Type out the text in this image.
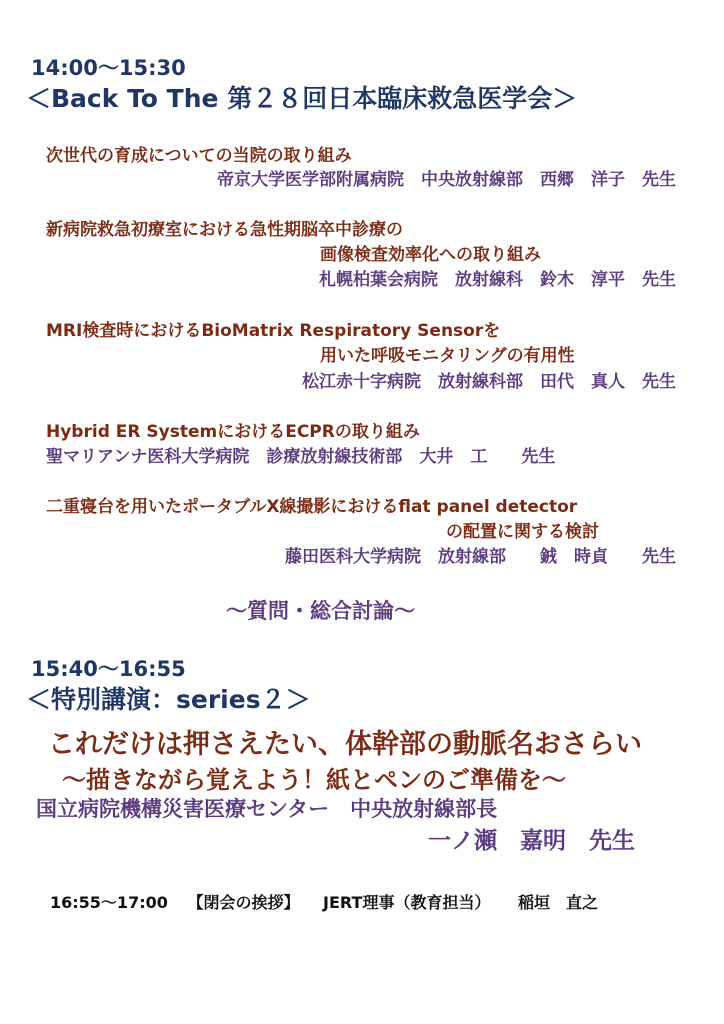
14:00～15:30
＜Back To The 第２８回日本臨床救急医学会＞
次世代の育成についての当院の取り組み
帝京大学医学部附属病院　中央放射線部　西郷　洋子　先生
新病院救急初療室における急性期脳卒中診療の
画像検査効率化への取り組み
札幌柏葉会病院　放射線科　鈴木　淳平　先生
MRI検査時におけるBioMatrix Respiratory Sensorを
用いた呼吸モニタリングの有用性
松江赤十字病院　放射線科部　田代　真人　先生
Hybrid ER SystemにおけるECPRの取り組み
聖マリアンナ医科大学病院　診療放射線技術部　大井　工　　先生
二重寝台を用いたポータブルX線撮影におけるflat panel detector
の配置に関する検討
藤田医科大学病院　放射線部　　銊　時貞　　先生
～質問・総合討論～
15:40～16:55
＜特別講演：series２＞
これだけは押さえたい、体幹部の動脈名おさらい
～描きながら覚えよう！紙とペンのご準備を～
国立病院機構災害医療センター　中央放射線部長
一ノ瀬　嘉明　先生
16:55～17:00 【閉会の挨拶】 JERT理事（教育担当） 稲垣　直之
